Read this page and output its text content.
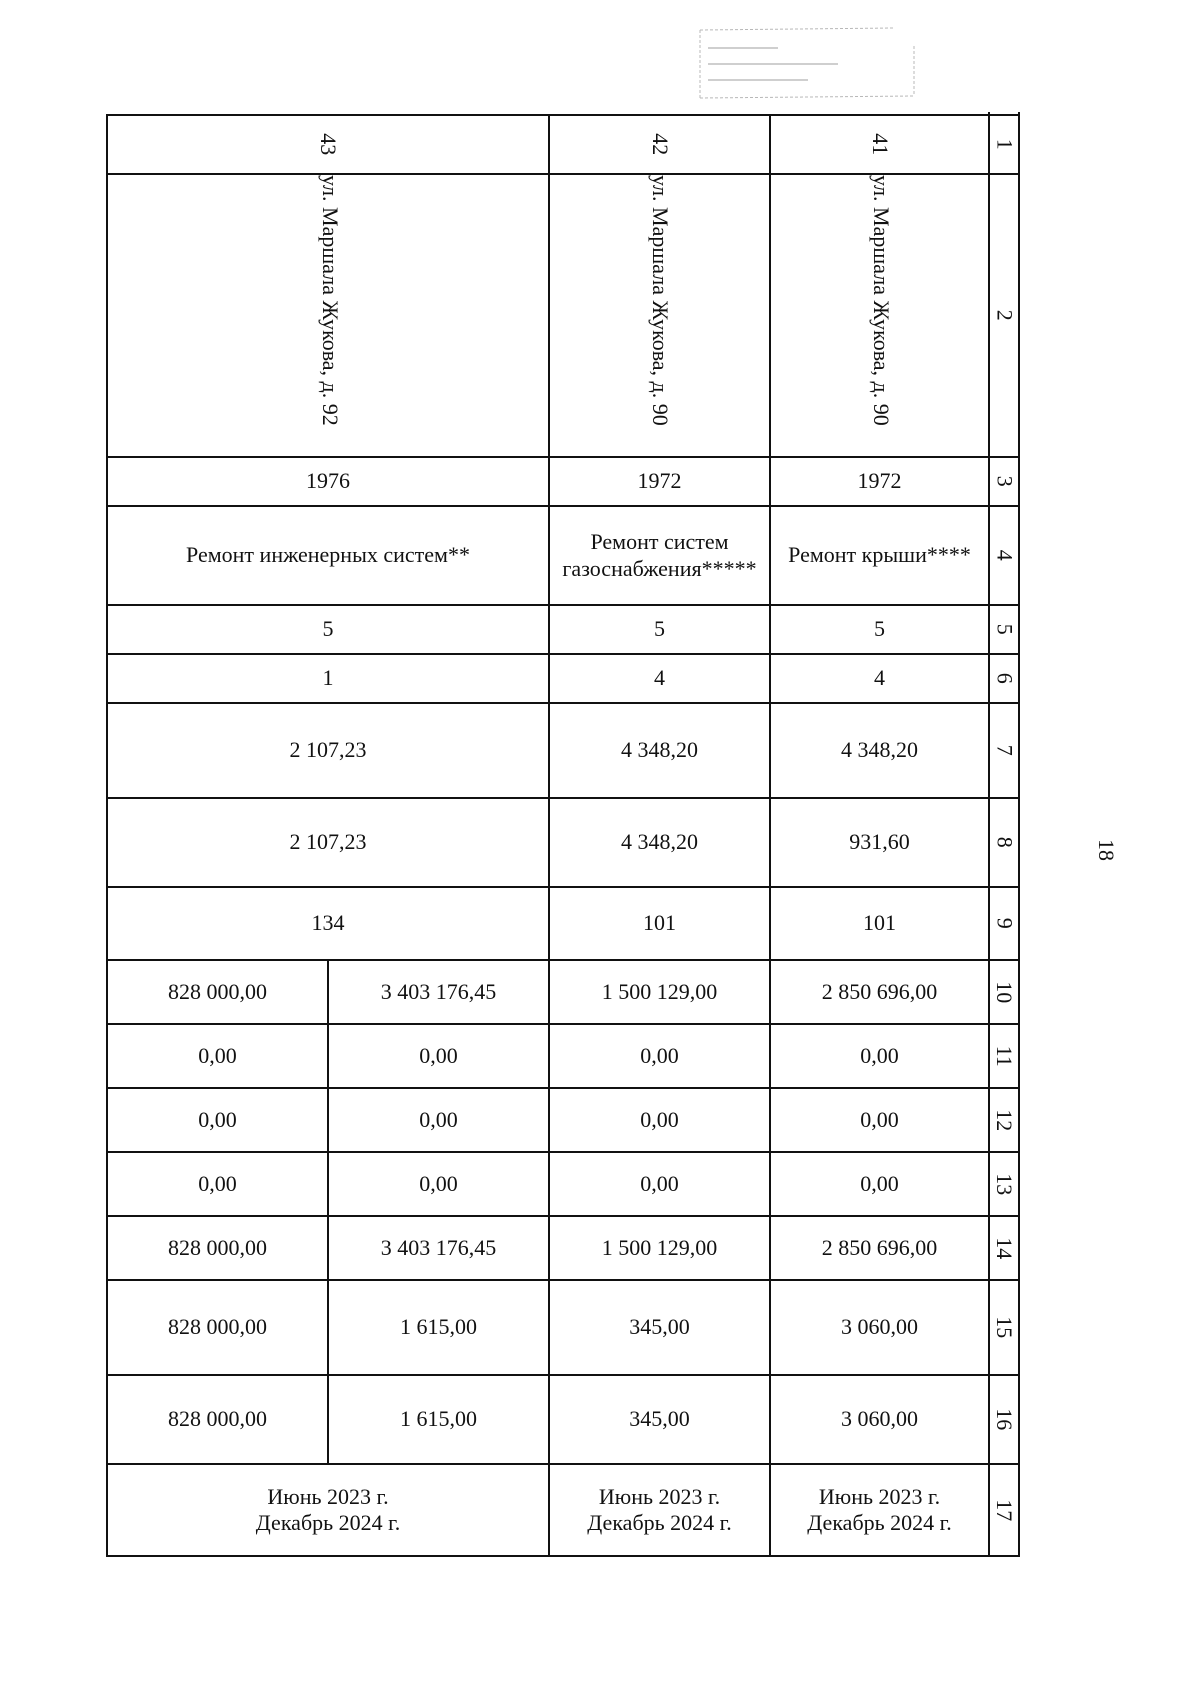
18
1
2
3
4
5
6
7
8
9
10
11
12
13
14
15
16
17
41
42
43
ул. Маршала Жукова, д. 90
ул. Маршала Жукова, д. 90
ул. Маршала Жукова, д. 92
1972
1972
1976
Ремонт крыши****
Ремонт систем
газоснабжения*****
Ремонт инженерных систем**
5
5
5
4
4
1
4 348,20
4 348,20
2 107,23
931,60
4 348,20
2 107,23
101
101
134
2 850 696,00
1 500 129,00
3 403 176,45
828 000,00
0,00
0,00
0,00
0,00
0,00
0,00
0,00
0,00
0,00
0,00
0,00
0,00
2 850 696,00
1 500 129,00
3 403 176,45
828 000,00
3 060,00
345,00
1 615,00
828 000,00
3 060,00
345,00
1 615,00
828 000,00
Июнь 2023 г.
Декабрь 2024 г.
Июнь 2023 г.
Декабрь 2024 г.
Июнь 2023 г.
Декабрь 2024 г.
